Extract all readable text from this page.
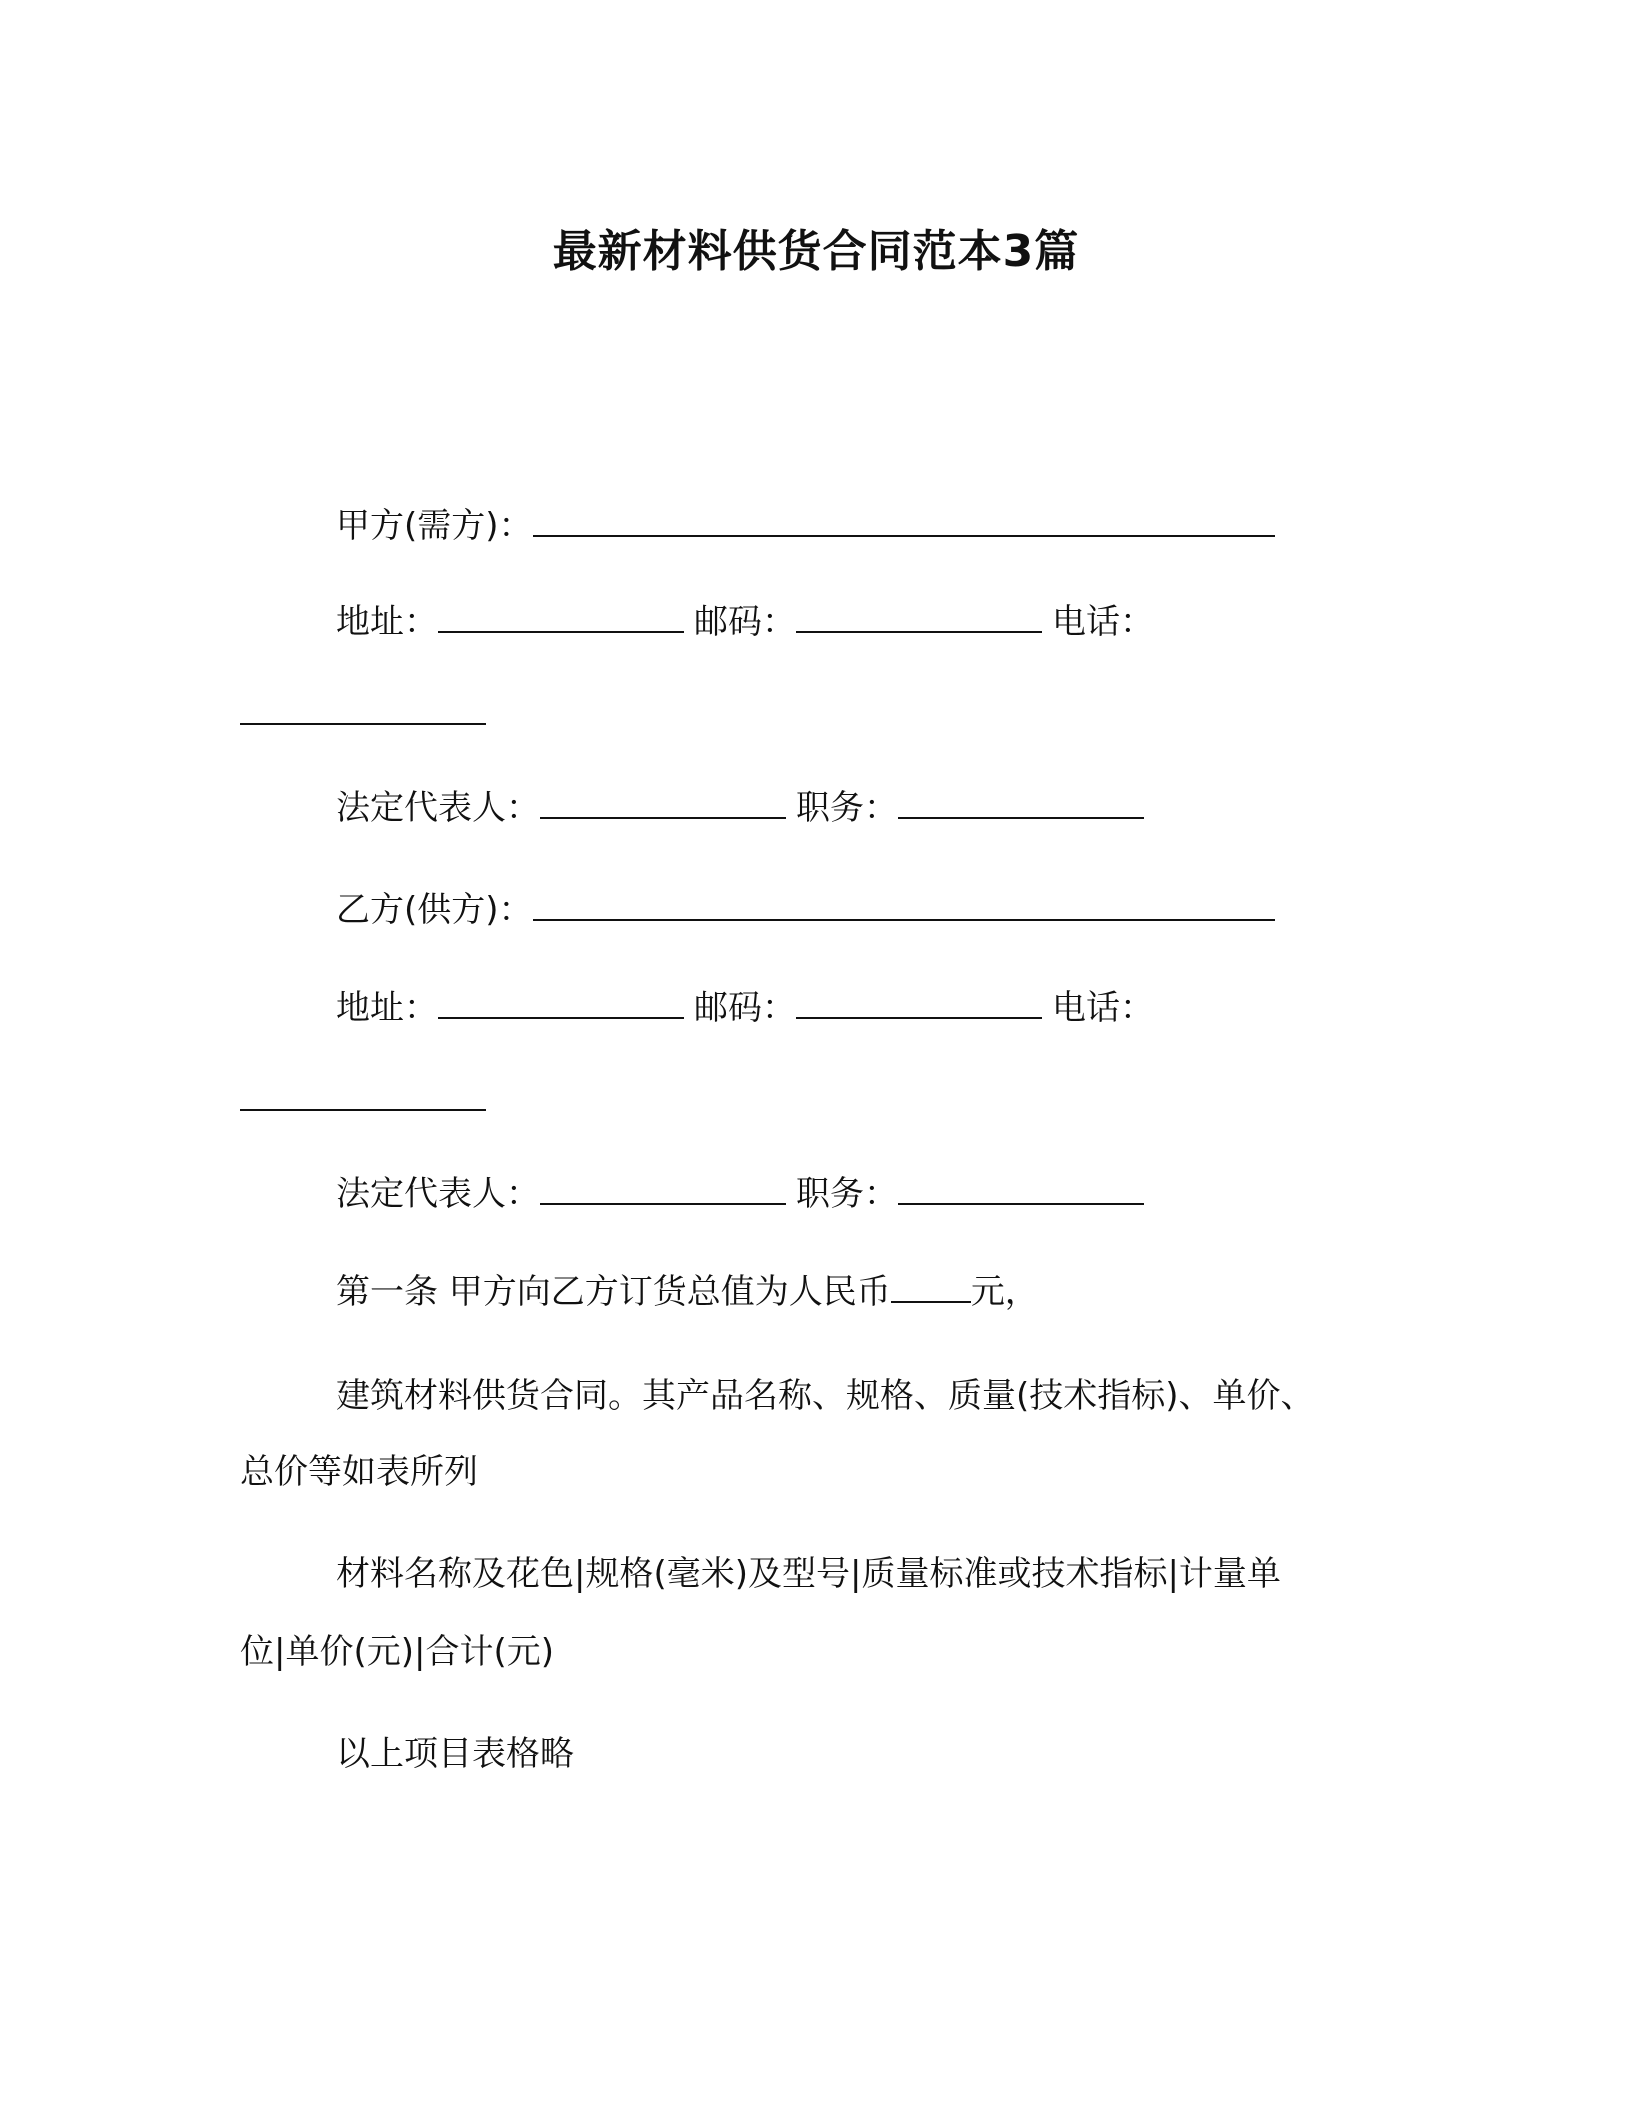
最新材料供货合同范本3篇
甲方(需方)：
地址：	邮码：	电话：
法定代表人：	职务：
乙方(供方)：
地址：	邮码：	电话：
法定代表人：	职务：
第一条 甲方向乙方订货总值为人民币 元，
建筑材料供货合同。其产品名称、规格、质量(技术指标)、单价、
总价等如表所列
材料名称及花色|规格(毫米)及型号|质量标准或技术指标|计量单
位|单价(元)|合计(元)
以上项目表格略
